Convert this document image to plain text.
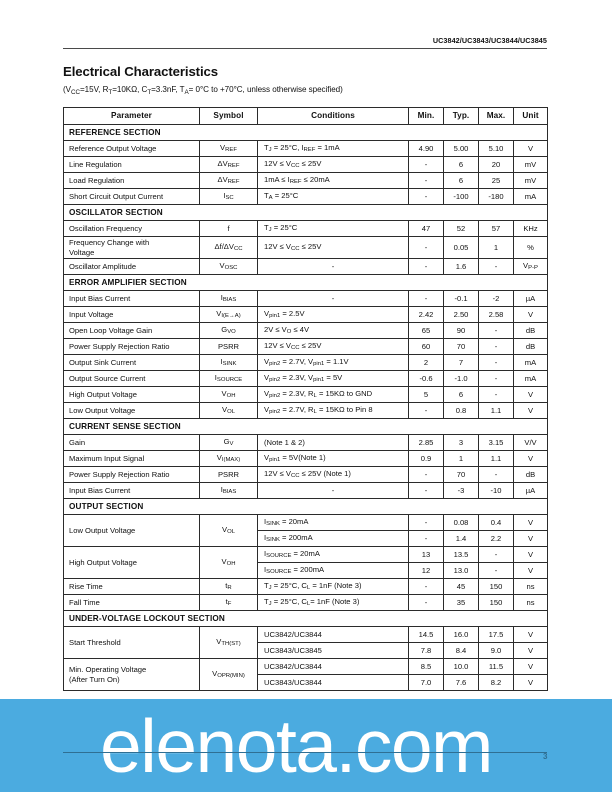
UC3842/UC3843/UC3844/UC3845
Electrical Characteristics
($V_{CC}=15V$, $R_T=10K\Omega$, $C_T=3.3nF$, $T_A= 0^\circ C$ to +70°C, unless otherwise specified)
Parameter	Symbol	Conditions	Min.	Typ.	Max.	Unit
REFERENCE SECTION						
Reference Output Voltage	$V_{REF}$	$T_J = 25^\circ C$, $I_{REF} = 1mA$	4.90	5.00	5.10	V
Line Regulation	$\Delta V_{REF}$	$12V \le V_{CC} \le 25V$	-	6	20	mV
Load Regulation	$\Delta V_{REF}$	$1mA \le I_{REF} \le 20mA$	-	6	25	mV
Short Circuit Output Current	$I_{SC}$	$T_A = 25^\circ C$	-	-100	-180	mA
OSCILLATOR SECTION						
Oscillation Frequency	f	$T_J = 25^\circ C$	47	52	57	KHz
Frequency Change with
Voltage	$\Delta f/\Delta V_{CC}$	$12V \le V_{CC} \le 25V$	-	0.05	1	%
Oscillator Amplitude	$V_{OSC}$	-	-	1.6	-	$V_{P-P}$
ERROR AMPLIFIER SECTION						
Input Bias Current	$I_{BIAS}$	-	-	-0.1	-2	µA
Input Voltage	$V_{I(E\to A)}$	$V_{pin1} = 2.5V$	2.42	2.50	2.58	V
Open Loop Voltage Gain	$G_{VO}$	$2V \le V_O \le 4V$	65	90	-	dB
Power Supply Rejection Ratio	PSRR	$12V \le V_{CC} \le 25V$	60	70	-	dB
Output Sink Current	$I_{SINK}$	$V_{pin2} = 2.7V$, $V_{pin1} = 1.1V$	2	7	-	mA
Output Source Current	$I_{SOURCE}$	$V_{pin2} = 2.3V$, $V_{pin1} = 5V$	-0.6	-1.0	-	mA
High Output Voltage	$V_{OH}$	$V_{pin2} = 2.3V$, $R_L = 15K\Omega$ to GND	5	6	-	V
Low Output Voltage	$V_{OL}$	$V_{pin2} = 2.7V$, $R_L = 15K\Omega$ to Pin 8	-	0.8	1.1	V
CURRENT SENSE SECTION						
Gain	$G_V$	(Note 1 & 2)	2.85	3	3.15	V/V
Maximum Input Signal	$V_{I(MAX)}$	$V_{pin1}$ = 5V(Note 1)	0.9	1	1.1	V
Power Supply Rejection Ratio	PSRR	$12V \le V_{CC} \le 25V$ (Note 1)	-	70	-	dB
Input Bias Current	$I_{BIAS}$	-	-	-3	-10	µA
OUTPUT SECTION						
Low Output Voltage	$V_{OL}$	$I_{SINK} = 20mA$	-	0.08	0.4	V
		$I_{SINK} = 200mA$	-	1.4	2.2	V
High Output Voltage	$V_{OH}$	$I_{SOURCE} = 20mA$	13	13.5	-	V
		$I_{SOURCE} = 200mA$	12	13.0	-	V
Rise Time	$t_R$	$T_J = 25^\circ C$, $C_L = 1nF$ (Note 3)	-	45	150	ns
Fall Time	$t_F$	$T_J = 25^\circ C$, $C_L= 1nF$ (Note 3)	-	35	150	ns
UNDER-VOLTAGE LOCKOUT SECTION						
Start Threshold	$V_{TH(ST)}$	UC3842/UC3844	14.5	16.0	17.5	V
		UC3843/UC3845	7.8	8.4	9.0	V
Min. Operating Voltage
(After Turn On)	$V_{OPR(MIN)}$	UC3842/UC3844	8.5	10.0	11.5	V
		UC3843/UC3844	7.0	7.6	8.2	V
elenota.com	3
